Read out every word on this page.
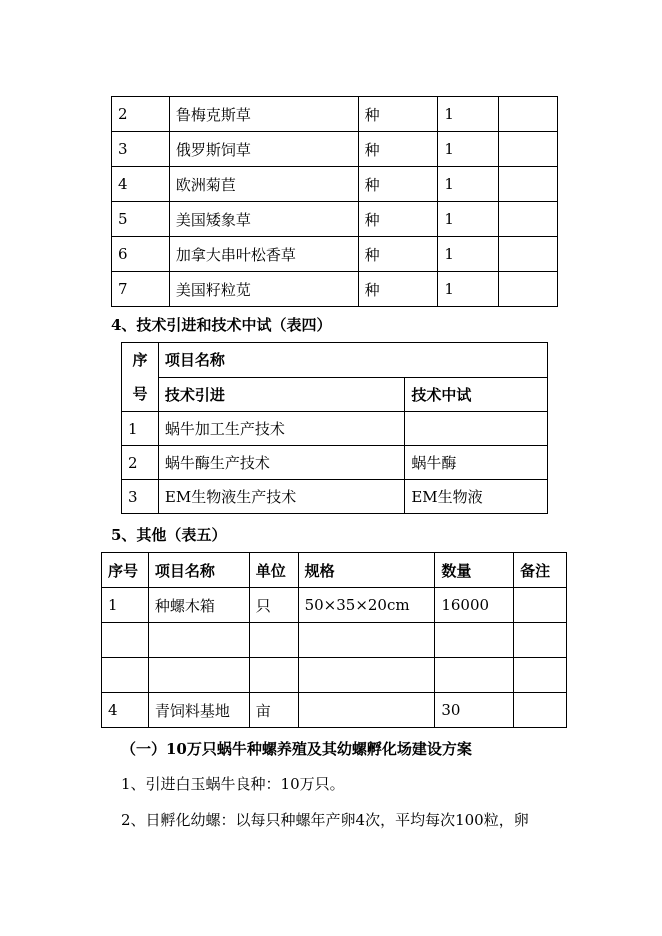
2	鲁梅克斯草	种	1	
3	俄罗斯饲草	种	1	
4	欧洲菊苣	种	1	
5	美国矮象草	种	1	
6	加拿大串叶松香草	种	1	
7	美国籽粒苋	种	1	
4、技术引进和技术中试（表四）
序号	项目名称	
	技术引进	技术中试
1	蜗牛加工生产技术	
2	蜗牛酶生产技术	蜗牛酶
3	EM生物液生产技术	EM生物液
5、其他（表五）
序号	项目名称	单位	规格	数量	备注
1	种螺木箱	只	50×35×20cm	16000	

4	青饲料基地	亩		30	
（一）10万只蜗牛种螺养殖及其幼螺孵化场建设方案
1、引进白玉蜗牛良种：10万只。
2、日孵化幼螺：以每只种螺年产卵4次，平均每次100粒，卵
